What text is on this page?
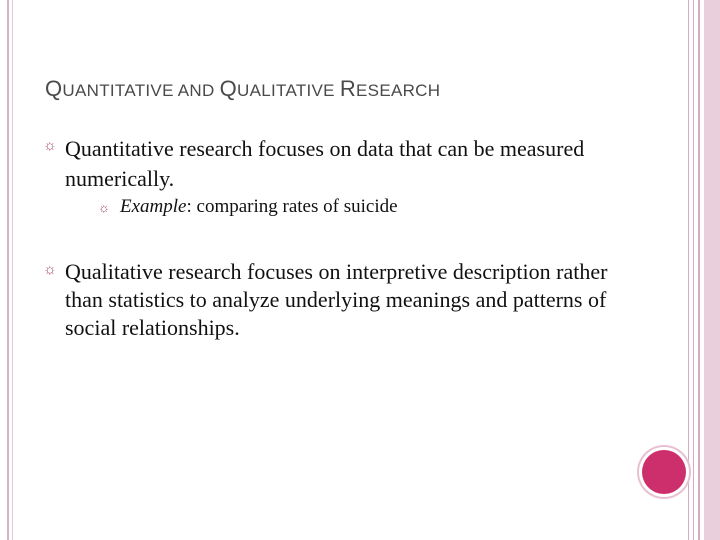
QUANTITATIVE AND QUALITATIVE RESEARCH
☼ Quantitative research focuses on data that can be measured numerically.
☼ Example: comparing rates of suicide
☼ Qualitative research focuses on interpretive description rather than statistics to analyze underlying meanings and patterns of social relationships.
